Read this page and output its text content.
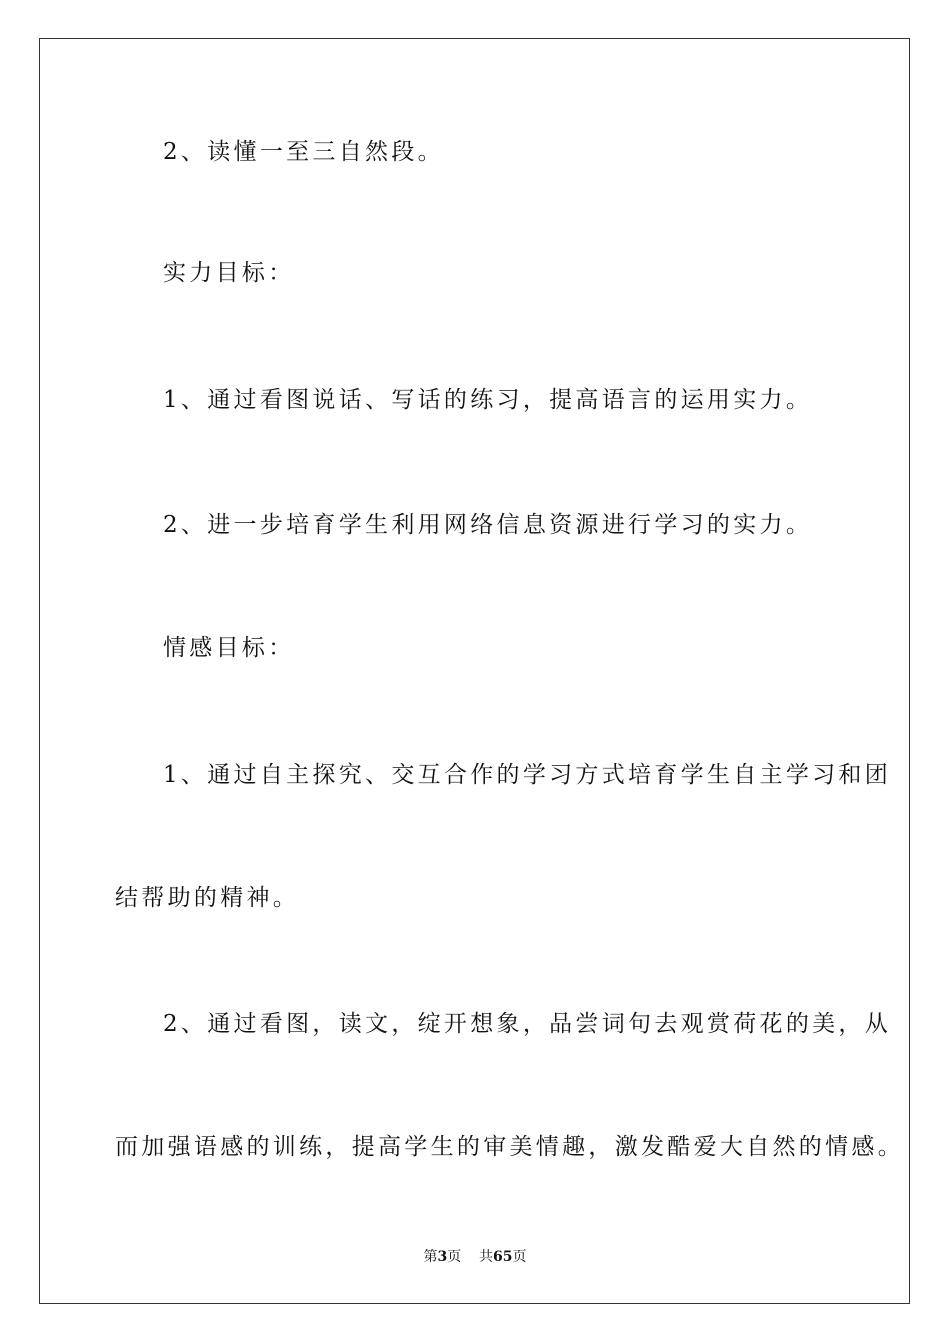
2、读懂一至三自然段。
实力目标：
1、通过看图说话、写话的练习，提高语言的运用实力。
2、进一步培育学生利用网络信息资源进行学习的实力。
情感目标：
1、通过自主探究、交互合作的学习方式培育学生自主学习和团
结帮助的精神。
2、通过看图，读文，绽开想象，品尝词句去观赏荷花的美，从
而加强语感的训练，提高学生的审美情趣，激发酷爱大自然的情感。
第3页 共65页
